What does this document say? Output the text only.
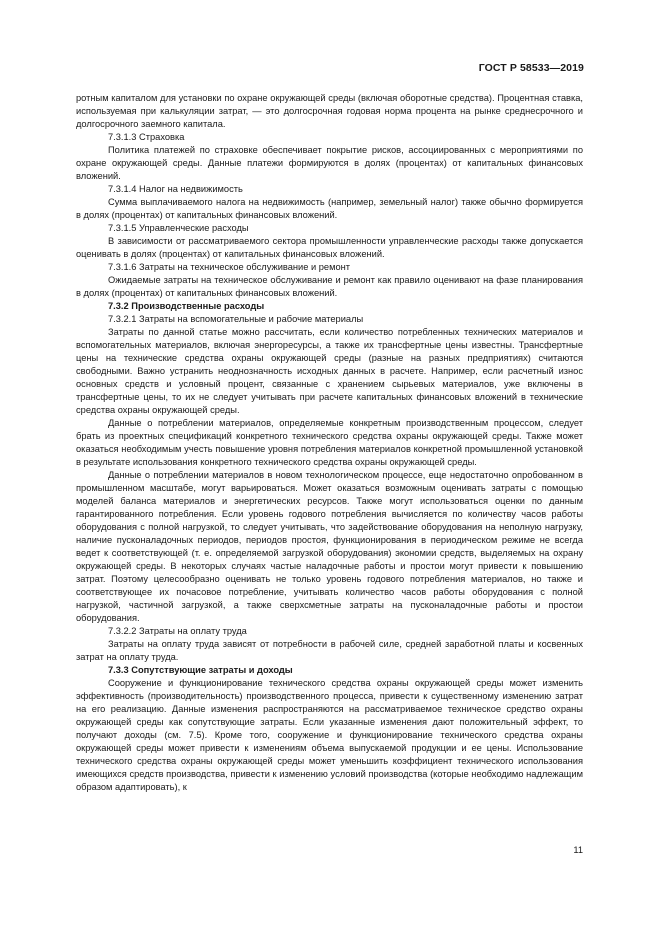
ГОСТ Р 58533—2019

ротным капиталом для установки по охране окружающей среды (включая оборотные средства). Процентная ставка, используемая при калькуляции затрат, — это долгосрочная годовая норма процента на рынке среднесрочного и долгосрочного заемного капитала.

7.3.1.3 Страховка

Политика платежей по страховке обеспечивает покрытие рисков, ассоциированных с мероприятиями по охране окружающей среды. Данные платежи формируются в долях (процентах) от капитальных финансовых вложений.

7.3.1.4 Налог на недвижимость

Сумма выплачиваемого налога на недвижимость (например, земельный налог) также обычно формируется в долях (процентах) от капитальных финансовых вложений.

7.3.1.5 Управленческие расходы

В зависимости от рассматриваемого сектора промышленности управленческие расходы также допускается оценивать в долях (процентах) от капитальных финансовых вложений.

7.3.1.6 Затраты на техническое обслуживание и ремонт

Ожидаемые затраты на техническое обслуживание и ремонт как правило оценивают на фазе планирования в долях (процентах) от капитальных финансовых вложений.

7.3.2 Производственные расходы

7.3.2.1 Затраты на вспомогательные и рабочие материалы

Затраты по данной статье можно рассчитать, если количество потребленных технических материалов и вспомогательных материалов, включая энергоресурсы, а также их трансфертные цены известны. Трансфертные цены на технические средства охраны окружающей среды (разные на разных предприятиях) считаются свободными. Важно устранить неоднозначность исходных данных в расчете. Например, если расчетный износ основных средств и условный процент, связанные с хранением сырьевых материалов, уже включены в трансфертные цены, то их не следует учитывать при расчете капитальных финансовых вложений в технические средства охраны окружающей среды.

Данные о потреблении материалов, определяемые конкретным производственным процессом, следует брать из проектных спецификаций конкретного технического средства охраны окружающей среды. Также может оказаться необходимым учесть повышение уровня потребления материалов конкретной промышленной установкой в результате использования конкретного технического средства охраны окружающей среды.

Данные о потреблении материалов в новом технологическом процессе, еще недостаточно опробованном в промышленном масштабе, могут варьироваться. Может оказаться возможным оценивать затраты с помощью моделей баланса материалов и энергетических ресурсов. Также могут использоваться оценки по данным гарантированного потребления. Если уровень годового потребления вычисляется по количеству часов работы оборудования с полной нагрузкой, то следует учитывать, что задействование оборудования на неполную нагрузку, наличие пусконаладочных периодов, периодов простоя, функционирования в периодическом режиме не всегда ведет к соответствующей (т. е. определяемой загрузкой оборудования) экономии средств, выделяемых на охрану окружающей среды. В некоторых случаях частые наладочные работы и простои могут привести к повышению затрат. Поэтому целесообразно оценивать не только уровень годового потребления материалов, но также и соответствующее их почасовое потребление, учитывать количество часов работы оборудования с полной нагрузкой, частичной загрузкой, а также сверхсметные затраты на пусконаладочные работы и простои оборудования.

7.3.2.2 Затраты на оплату труда

Затраты на оплату труда зависят от потребности в рабочей силе, средней заработной платы и косвенных затрат на оплату труда.

7.3.3 Сопутствующие затраты и доходы

Сооружение и функционирование технического средства охраны окружающей среды может изменить эффективность (производительность) производственного процесса, привести к существенному изменению затрат на его реализацию. Данные изменения распространяются на рассматриваемое техническое средство охраны окружающей среды как сопутствующие затраты. Если указанные изменения дают положительный эффект, то получают доходы (см. 7.5). Кроме того, сооружение и функционирование технического средства охраны окружающей среды может привести к изменениям объема выпускаемой продукции и ее цены. Использование технического средства охраны окружающей среды может уменьшить коэффициент технического использования имеющихся средств производства, привести к изменению условий производства (которые необходимо надлежащим образом адаптировать), к

11
